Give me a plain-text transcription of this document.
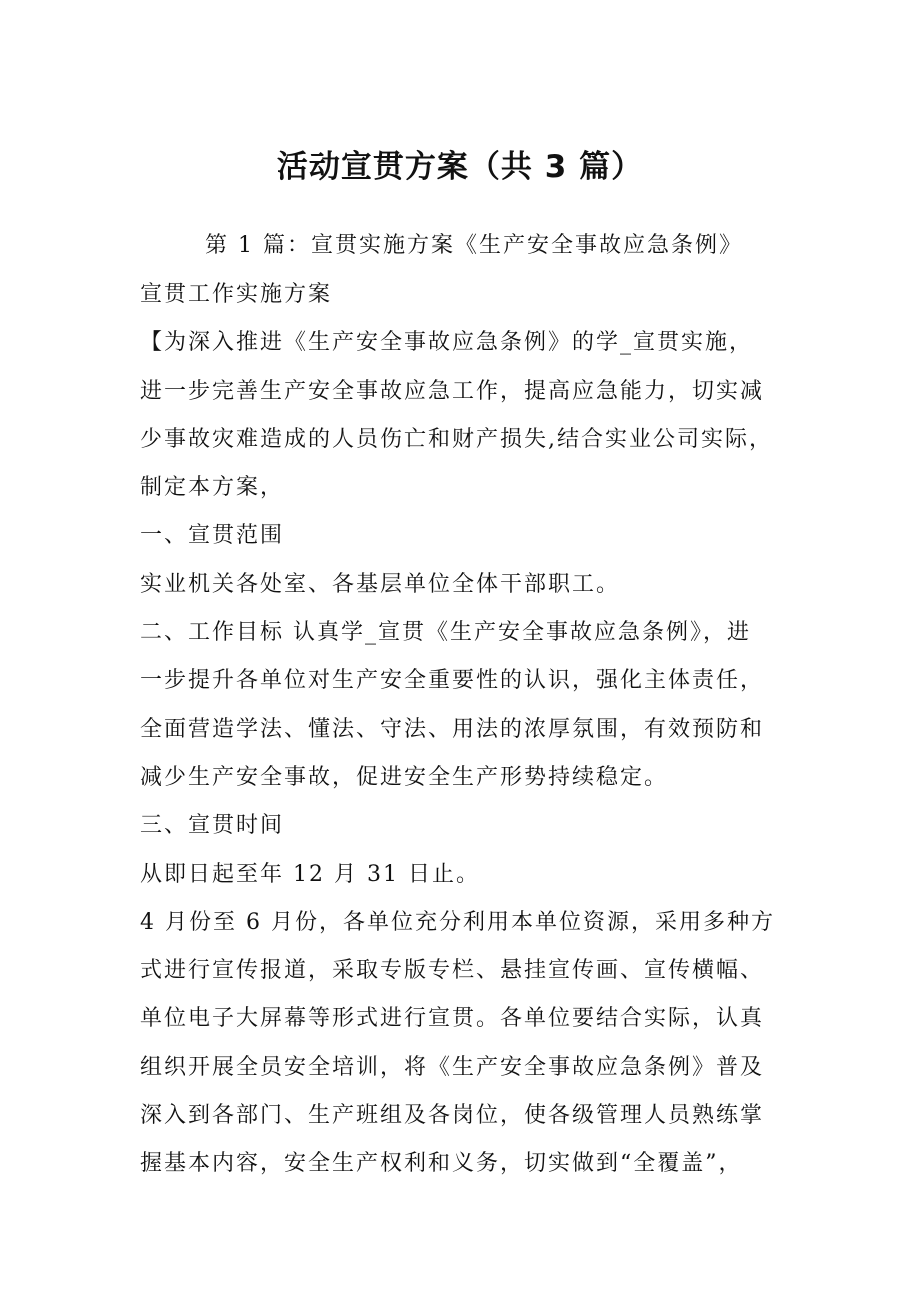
活动宣贯方案（共 3 篇）
第 1 篇：宣贯实施方案《生产安全事故应急条例》
宣贯工作实施方案
【为深入推进《生产安全事故应急条例》的学_宣贯实施，
进一步完善生产安全事故应急工作，提高应急能力，切实减
少事故灾难造成的人员伤亡和财产损失,结合实业公司实际，
制定本方案，
一、宣贯范围
实业机关各处室、各基层单位全体干部职工。
二、工作目标 认真学_宣贯《生产安全事故应急条例》，进
一步提升各单位对生产安全重要性的认识，强化主体责任，
全面营造学法、懂法、守法、用法的浓厚氛围，有效预防和
减少生产安全事故，促进安全生产形势持续稳定。
三、宣贯时间
从即日起至年 12 月 31 日止。
4 月份至 6 月份，各单位充分利用本单位资源，采用多种方
式进行宣传报道，采取专版专栏、悬挂宣传画、宣传横幅、
单位电子大屏幕等形式进行宣贯。各单位要结合实际，认真
组织开展全员安全培训，将《生产安全事故应急条例》普及
深入到各部门、生产班组及各岗位，使各级管理人员熟练掌
握基本内容，安全生产权利和义务，切实做到“全覆盖”，
